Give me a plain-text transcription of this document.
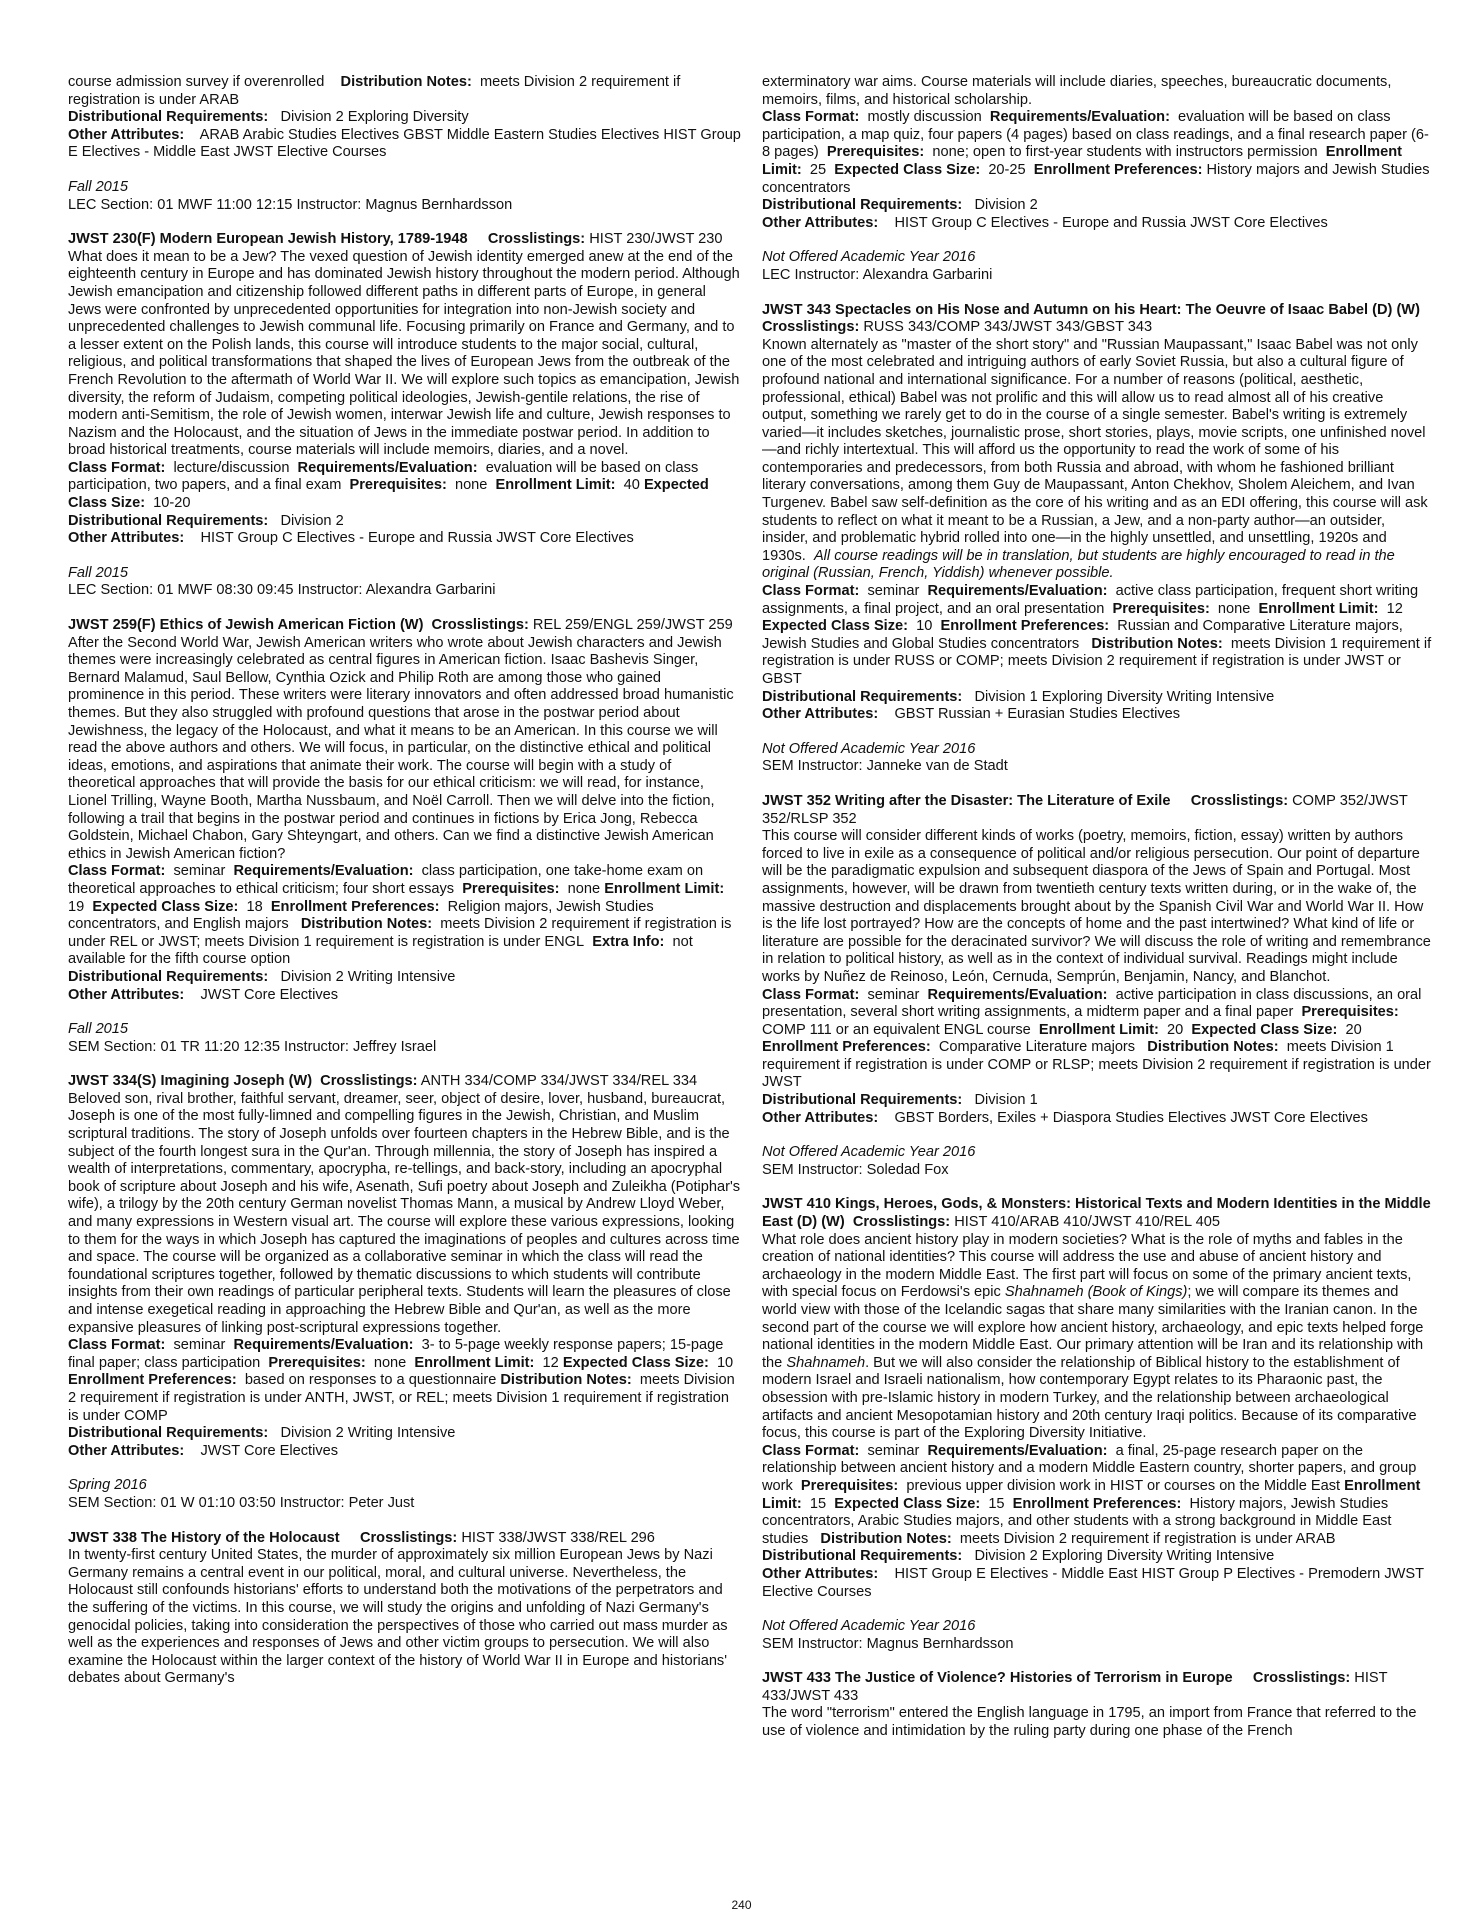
course admission survey if overenrolled Distribution Notes: meets Division 2 requirement if registration is under ARAB

Distributional Requirements: Division 2 Exploring Diversity

Other Attributes: ARAB Arabic Studies Electives GBST Middle Eastern Studies Electives HIST Group E Electives - Middle East JWST Elective Courses

Fall 2015

LEC Section: 01 MWF 11:00 12:15 Instructor: Magnus Bernhardsson

JWST 230(F) Modern European Jewish History, 1789-1948 Crosslistings: HIST 230/JWST 230

What does it mean to be a Jew? The vexed question of Jewish identity emerged anew at the end of the eighteenth century in Europe and has dominated Jewish history throughout the modern period. Although Jewish emancipation and citizenship followed different paths in different parts of Europe, in general Jews were confronted by unprecedented opportunities for integration into non-Jewish society and unprecedented challenges to Jewish communal life. Focusing primarily on France and Germany, and to a lesser extent on the Polish lands, this course will introduce students to the major social, cultural, religious, and political transformations that shaped the lives of European Jews from the outbreak of the French Revolution to the aftermath of World War II. We will explore such topics as emancipation, Jewish diversity, the reform of Judaism, competing political ideologies, Jewish-gentile relations, the rise of modern anti-Semitism, the role of Jewish women, interwar Jewish life and culture, Jewish responses to Nazism and the Holocaust, and the situation of Jews in the immediate postwar period. In addition to broad historical treatments, course materials will include memoirs, diaries, and a novel.

Class Format: lecture/discussion Requirements/Evaluation: evaluation will be based on class participation, two papers, and a final exam Prerequisites: none Enrollment Limit: 40 Expected Class Size: 10-20

Distributional Requirements: Division 2

Other Attributes: HIST Group C Electives - Europe and Russia JWST Core Electives

Fall 2015

LEC Section: 01 MWF 08:30 09:45 Instructor: Alexandra Garbarini

JWST 259(F) Ethics of Jewish American Fiction (W) Crosslistings: REL 259/ENGL 259/JWST 259

After the Second World War, Jewish American writers who wrote about Jewish characters and Jewish themes were increasingly celebrated as central figures in American fiction. Isaac Bashevis Singer, Bernard Malamud, Saul Bellow, Cynthia Ozick and Philip Roth are among those who gained prominence in this period. These writers were literary innovators and often addressed broad humanistic themes. But they also struggled with profound questions that arose in the postwar period about Jewishness, the legacy of the Holocaust, and what it means to be an American. In this course we will read the above authors and others. We will focus, in particular, on the distinctive ethical and political ideas, emotions, and aspirations that animate their work. The course will begin with a study of theoretical approaches that will provide the basis for our ethical criticism: we will read, for instance, Lionel Trilling, Wayne Booth, Martha Nussbaum, and Noël Carroll. Then we will delve into the fiction, following a trail that begins in the postwar period and continues in fictions by Erica Jong, Rebecca Goldstein, Michael Chabon, Gary Shteyngart, and others. Can we find a distinctive Jewish American ethics in Jewish American fiction?

Class Format: seminar Requirements/Evaluation: class participation, one take-home exam on theoretical approaches to ethical criticism; four short essays Prerequisites: none Enrollment Limit:  19 Expected Class Size: 18 Enrollment Preferences: Religion majors, Jewish Studies concentrators, and English majors Distribution Notes: meets Division 2 requirement if registration is under REL or JWST; meets Division 1 requirement is registration is under ENGL Extra Info: not available for the fifth course option

Distributional Requirements: Division 2 Writing Intensive

Other Attributes: JWST Core Electives

Fall 2015

SEM Section: 01 TR 11:20 12:35 Instructor: Jeffrey Israel

JWST 334(S) Imagining Joseph (W) Crosslistings: ANTH 334/COMP 334/JWST 334/REL 334

Beloved son, rival brother, faithful servant, dreamer, seer, object of desire, lover, husband, bureaucrat, Joseph is one of the most fully-limned and compelling figures in the Jewish, Christian, and Muslim scriptural traditions. The story of Joseph unfolds over fourteen chapters in the Hebrew Bible, and is the subject of the fourth longest sura in the Qur'an. Through millennia, the story of Joseph has inspired a wealth of interpretations, commentary, apocrypha, re-tellings, and back-story, including an apocryphal book of scripture about Joseph and his wife, Asenath, Sufi poetry about Joseph and Zuleikha (Potiphar's wife), a trilogy by the 20th century German novelist Thomas Mann, a musical by Andrew Lloyd Weber, and many expressions in Western visual art. The course will explore these various expressions, looking to them for the ways in which Joseph has captured the imaginations of peoples and cultures across time and space. The course will be organized as a collaborative seminar in which the class will read the foundational scriptures together, followed by thematic discussions to which students will contribute insights from their own readings of particular peripheral texts. Students will learn the pleasures of close and intense exegetical reading in approaching the Hebrew Bible and Qur'an, as well as the more expansive pleasures of linking post-scriptural expressions together.

Class Format: seminar Requirements/Evaluation: 3- to 5-page weekly response papers; 15-page final paper; class participation Prerequisites: none Enrollment Limit: 12 Expected Class Size: 10  Enrollment Preferences: based on responses to a questionnaire Distribution Notes: meets Division 2 requirement if registration is under ANTH, JWST, or REL; meets Division 1 requirement if registration is under COMP

Distributional Requirements: Division 2 Writing Intensive

Other Attributes: JWST Core Electives

Spring 2016

SEM Section: 01 W 01:10 03:50 Instructor: Peter Just

JWST 338 The History of the Holocaust Crosslistings: HIST 338/JWST 338/REL 296

In twenty-first century United States, the murder of approximately six million European Jews by Nazi Germany remains a central event in our political, moral, and cultural universe. Nevertheless, the Holocaust still confounds historians' efforts to understand both the motivations of the perpetrators and the suffering of the victims. In this course, we will study the origins and unfolding of Nazi Germany's genocidal policies, taking into consideration the perspectives of those who carried out mass murder as well as the experiences and responses of Jews and other victim groups to persecution. We will also examine the Holocaust within the larger context of the history of World War II in Europe and historians' debates about Germany's

exterminatory war aims. Course materials will include diaries, speeches, bureaucratic documents, memoirs, films, and historical scholarship.

Class Format: mostly discussion Requirements/Evaluation: evaluation will be based on class participation, a map quiz, four papers (4 pages) based on class readings, and a final research paper (6-8 pages) Prerequisites: none; open to first-year students with instructors permission Enrollment Limit: 25 Expected Class Size: 20-25 Enrollment Preferences: History majors and Jewish Studies concentrators

Distributional Requirements: Division 2

Other Attributes: HIST Group C Electives - Europe and Russia JWST Core Electives

Not Offered Academic Year 2016

LEC Instructor: Alexandra Garbarini

JWST 343 Spectacles on His Nose and Autumn on his Heart: The Oeuvre of Isaac Babel (D) (W)  Crosslistings: RUSS 343/COMP 343/JWST 343/GBST 343

Known alternately as "master of the short story" and "Russian Maupassant," Isaac Babel was not only one of the most celebrated and intriguing authors of early Soviet Russia, but also a cultural figure of profound national and international significance. For a number of reasons (political, aesthetic, professional, ethical) Babel was not prolific and this will allow us to read almost all of his creative output, something we rarely get to do in the course of a single semester. Babel's writing is extremely varied—it includes sketches, journalistic prose, short stories, plays, movie scripts, one unfinished novel—and richly intertextual. This will afford us the opportunity to read the work of some of his contemporaries and predecessors, from both Russia and abroad, with whom he fashioned brilliant literary conversations, among them Guy de Maupassant, Anton Chekhov, Sholem Aleichem, and Ivan Turgenev. Babel saw self-definition as the core of his writing and as an EDI offering, this course will ask students to reflect on what it meant to be a Russian, a Jew, and a non-party author—an outsider, insider, and problematic hybrid rolled into one—in the highly unsettled, and unsettling, 1920s and 1930s. All course readings will be in translation, but students are highly encouraged to read in the original (Russian, French, Yiddish) whenever possible.

Class Format: seminar Requirements/Evaluation: active class participation, frequent short writing assignments, a final project, and an oral presentation Prerequisites: none Enrollment Limit: 12  Expected Class Size: 10 Enrollment Preferences: Russian and Comparative Literature majors, Jewish Studies and Global Studies concentrators Distribution Notes: meets Division 1 requirement if registration is under RUSS or COMP; meets Division 2 requirement if registration is under JWST or GBST

Distributional Requirements: Division 1 Exploring Diversity Writing Intensive

Other Attributes: GBST Russian + Eurasian Studies Electives

Not Offered Academic Year 2016

SEM Instructor: Janneke van de Stadt

JWST 352 Writing after the Disaster: The Literature of Exile Crosslistings: COMP 352/JWST 352/RLSP 352

This course will consider different kinds of works (poetry, memoirs, fiction, essay) written by authors forced to live in exile as a consequence of political and/or religious persecution. Our point of departure will be the paradigmatic expulsion and subsequent diaspora of the Jews of Spain and Portugal. Most assignments, however, will be drawn from twentieth century texts written during, or in the wake of, the massive destruction and displacements brought about by the Spanish Civil War and World War II. How is the life lost portrayed? How are the concepts of home and the past intertwined? What kind of life or literature are possible for the deracinated survivor? We will discuss the role of writing and remembrance in relation to political history, as well as in the context of individual survival. Readings might include works by Nuñez de Reinoso, León, Cernuda, Semprún, Benjamin, Nancy, and Blanchot.

Class Format: seminar Requirements/Evaluation: active participation in class discussions, an oral presentation, several short writing assignments, a midterm paper and a final paper Prerequisites:  COMP 111 or an equivalent ENGL course Enrollment Limit: 20 Expected Class Size: 20  Enrollment Preferences: Comparative Literature majors Distribution Notes: meets Division 1 requirement if registration is under COMP or RLSP; meets Division 2 requirement if registration is under JWST

Distributional Requirements: Division 1

Other Attributes: GBST Borders, Exiles + Diaspora Studies Electives JWST Core Electives

Not Offered Academic Year 2016

SEM Instructor: Soledad Fox

JWST 410 Kings, Heroes, Gods, & Monsters: Historical Texts and Modern Identities in the Middle East (D) (W) Crosslistings: HIST 410/ARAB 410/JWST 410/REL 405

What role does ancient history play in modern societies? What is the role of myths and fables in the creation of national identities? This course will address the use and abuse of ancient history and archaeology in the modern Middle East. The first part will focus on some of the primary ancient texts, with special focus on Ferdowsi's epic Shahnameh (Book of Kings); we will compare its themes and world view with those of the Icelandic sagas that share many similarities with the Iranian canon. In the second part of the course we will explore how ancient history, archaeology, and epic texts helped forge national identities in the modern Middle East. Our primary attention will be Iran and its relationship with the Shahnameh. But we will also consider the relationship of Biblical history to the establishment of modern Israel and Israeli nationalism, how contemporary Egypt relates to its Pharaonic past, the obsession with pre-Islamic history in modern Turkey, and the relationship between archaeological artifacts and ancient Mesopotamian history and 20th century Iraqi politics. Because of its comparative focus, this course is part of the Exploring Diversity Initiative.

Class Format: seminar Requirements/Evaluation: a final, 25-page research paper on the relationship between ancient history and a modern Middle Eastern country, shorter papers, and group work Prerequisites: previous upper division work in HIST or courses on the Middle East Enrollment Limit: 15 Expected Class Size: 15 Enrollment Preferences: History majors, Jewish Studies concentrators, Arabic Studies majors, and other students with a strong background in Middle East studies Distribution Notes: meets Division 2 requirement if registration is under ARAB

Distributional Requirements: Division 2 Exploring Diversity Writing Intensive

Other Attributes: HIST Group E Electives - Middle East HIST Group P Electives - Premodern JWST Elective Courses

Not Offered Academic Year 2016

SEM Instructor: Magnus Bernhardsson

JWST 433 The Justice of Violence? Histories of Terrorism in Europe Crosslistings: HIST 433/JWST 433

The word "terrorism" entered the English language in 1795, an import from France that referred to the use of violence and intimidation by the ruling party during one phase of the French

240
